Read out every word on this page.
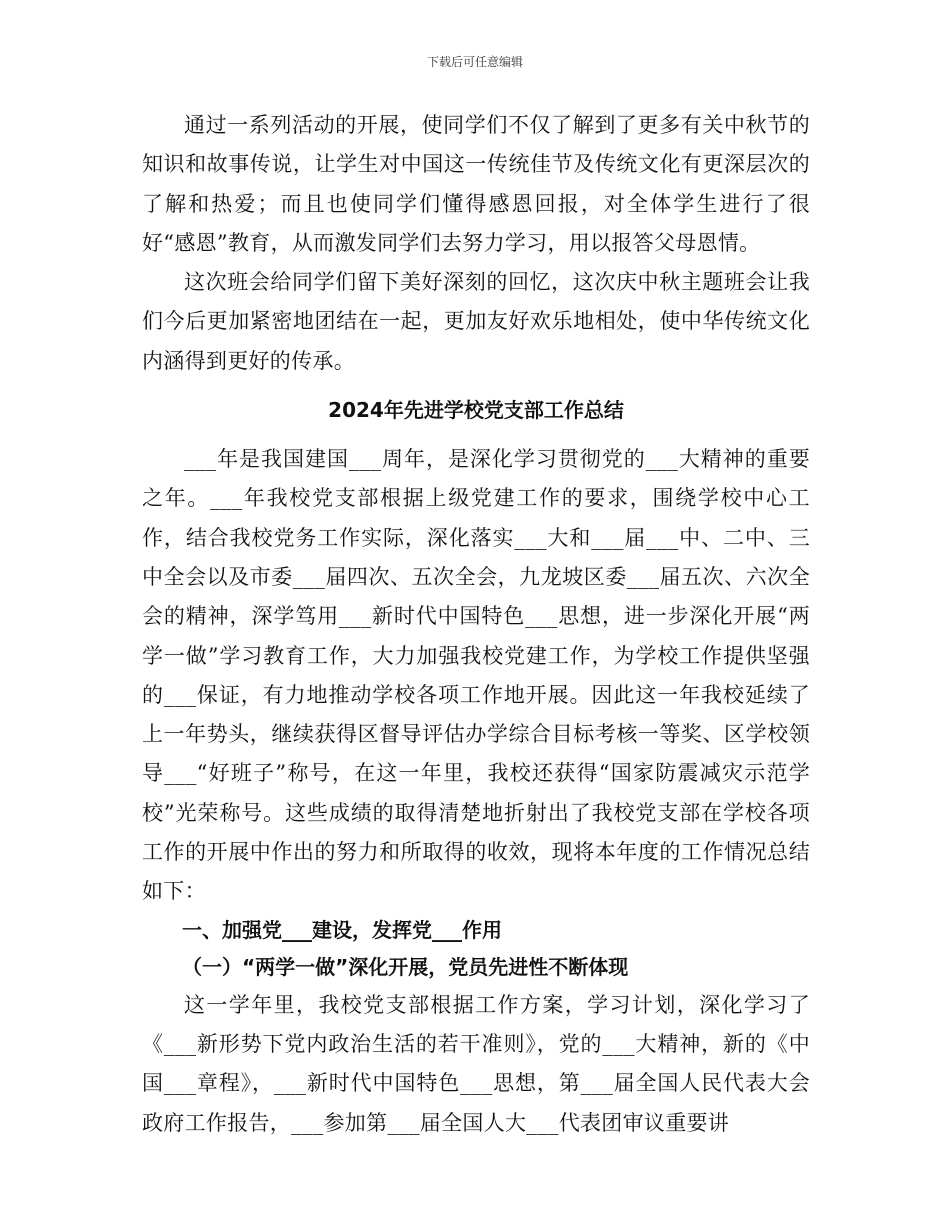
下载后可任意编辑

通过一系列活动的开展，使同学们不仅了解到了更多有关中秋节的知识和故事传说，让学生对中国这一传统佳节及传统文化有更深层次的了解和热爱；而且也使同学们懂得感恩回报，对全体学生进行了很好“感恩”教育，从而激发同学们去努力学习，用以报答父母恩情。

这次班会给同学们留下美好深刻的回忆，这次庆中秋主题班会让我们今后更加紧密地团结在一起，更加友好欢乐地相处，使中华传统文化内涵得到更好的传承。

2024年先进学校党支部工作总结

___年是我国建国___周年，是深化学习贯彻党的___大精神的重要之年。___年我校党支部根据上级党建工作的要求，围绕学校中心工作，结合我校党务工作实际，深化落实___大和___届___中、二中、三中全会以及市委___届四次、五次全会，九龙坡区委___届五次、六次全会的精神，深学笃用___新时代中国特色___思想，进一步深化开展“两学一做”学习教育工作，大力加强我校党建工作，为学校工作提供坚强的___保证，有力地推动学校各项工作地开展。因此这一年我校延续了上一年势头，继续获得区督导评估办学综合目标考核一等奖、区学校领导___“好班子”称号，在这一年里，我校还获得“国家防震减灾示范学校”光荣称号。这些成绩的取得清楚地折射出了我校党支部在学校各项工作的开展中作出的努力和所取得的收效，现将本年度的工作情况总结如下：

一、加强党___建设，发挥党___作用

（一）“两学一做”深化开展，党员先进性不断体现

这一学年里，我校党支部根据工作方案，学习计划，深化学习了《___新形势下党内政治生活的若干准则》，党的___大精神，新的《中国___章程》，___新时代中国特色___思想，第___届全国人民代表大会政府工作报告，___参加第___届全国人大___代表团审议重要讲
